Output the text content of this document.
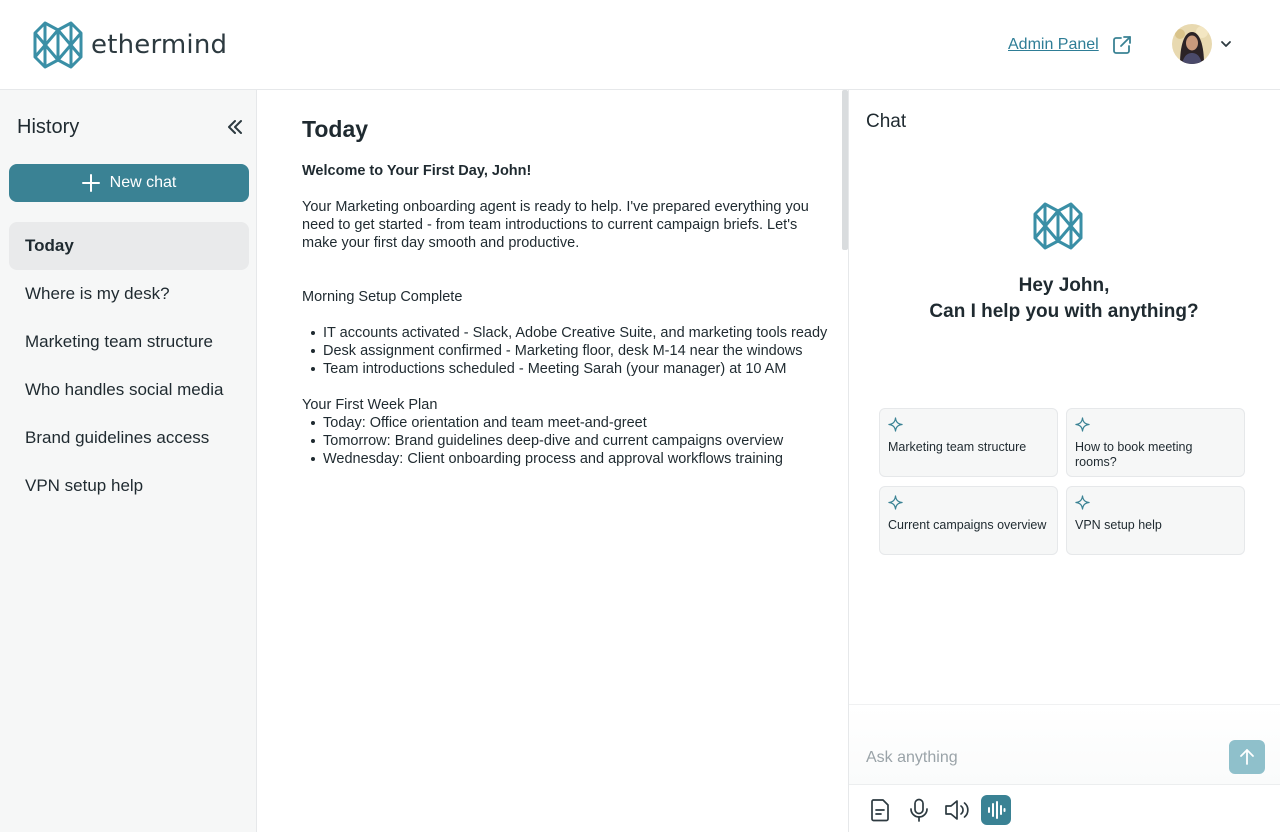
ethermind	Admin Panel
History
New chat
Today
Where is my desk?
Marketing team structure
Who handles social media
Brand guidelines access
VPN setup help
Today
Welcome to Your First Day, John!
Your Marketing onboarding agent is ready to help. I've prepared everything you need to get started - from team introductions to current campaign briefs. Let's make your first day smooth and productive.
Morning Setup Complete
IT accounts activated - Slack, Adobe Creative Suite, and marketing tools ready
Desk assignment confirmed - Marketing floor, desk M-14 near the windows
Team introductions scheduled - Meeting Sarah (your manager) at 10 AM
Your First Week Plan
Today: Office orientation and team meet-and-greet
Tomorrow: Brand guidelines deep-dive and current campaigns overview
Wednesday: Client onboarding process and approval workflows training
Chat
Hey John,
Can I help you with anything?
Marketing team structure	How to book meeting rooms?
Current campaigns overview VPN setup help
Ask anything
